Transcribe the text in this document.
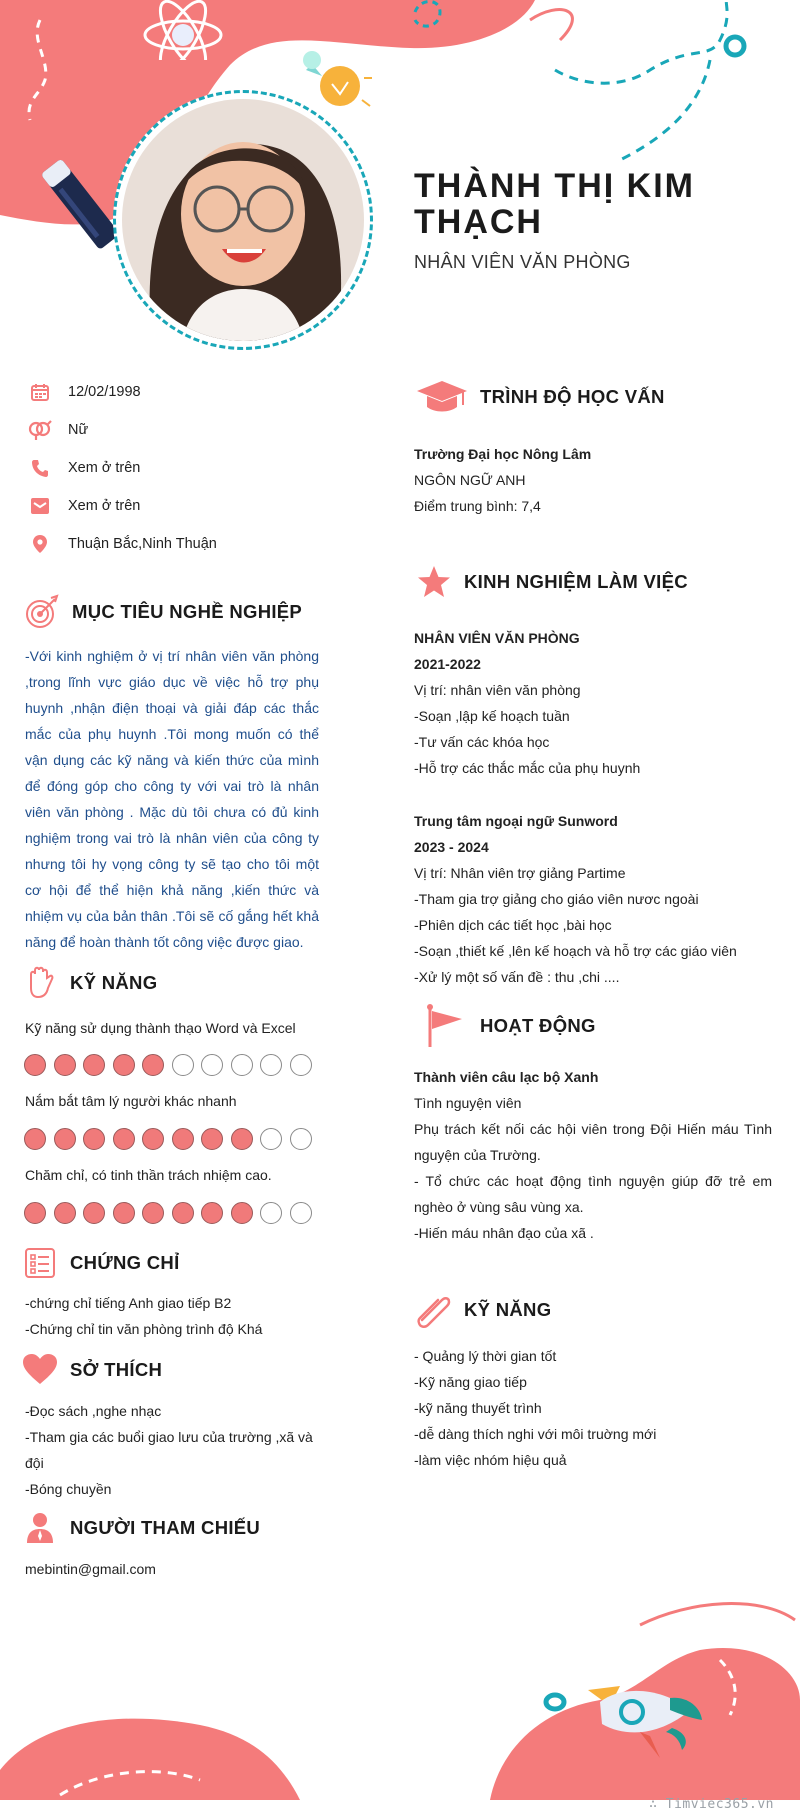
THÀNH THỊ KIM THẠCH
NHÂN VIÊN VĂN PHÒNG
12/02/1998
Nữ
Xem ở trên
Xem ở trên
Thuận Bắc,Ninh Thuận
MỤC TIÊU NGHỀ NGHIỆP
-Với kinh nghiệm ở vị trí nhân viên văn phòng ,trong lĩnh vực giáo dục về việc hỗ trợ phụ huynh ,nhận điện thoại và giải đáp các thắc mắc của phụ huynh .Tôi mong muốn có thể vận dụng các kỹ năng và kiến thức của mình để đóng góp cho công ty với vai trò là nhân viên văn phòng . Mặc dù tôi chưa có đủ kinh nghiệm trong vai trò là nhân viên của công ty nhưng tôi hy vọng công ty sẽ tạo cho tôi một cơ hội để thể hiện khả năng ,kiến thức và nhiệm vụ của bản thân .Tôi sẽ cố gắng hết khả năng để hoàn thành tốt công việc được giao.
KỸ NĂNG
Kỹ năng sử dụng thành thạo Word và Excel
Nắm bắt tâm lý người khác nhanh
Chăm chỉ, có tinh thần trách nhiệm cao.
CHỨNG CHỈ
-chứng chỉ tiếng Anh giao tiếp B2
-Chứng chỉ tin văn phòng trình độ Khá
SỞ THÍCH
-Đọc sách ,nghe nhạc
-Tham gia các buổi giao lưu của trường ,xã và đội
-Bóng chuyền
NGƯỜI THAM CHIẾU
mebintin@gmail.com
TRÌNH ĐỘ HỌC VẤN
Trường Đại học Nông Lâm
NGÔN NGỮ ANH
Điểm trung bình: 7,4
KINH NGHIỆM LÀM VIỆC
NHÂN VIÊN VĂN PHÒNG
2021-2022
Vị trí: nhân viên văn phòng
-Soạn ,lập kế hoạch tuần
-Tư vấn các khóa học
-Hỗ trợ các thắc mắc của phụ huynh
Trung tâm ngoại ngữ Sunword
2023 - 2024
Vị trí: Nhân viên trợ giảng Partime
-Tham gia trợ giảng cho giáo viên nươc ngoài
-Phiên dịch các tiết học ,bài học
-Soạn ,thiết kế ,lên kế hoạch và hỗ trợ các giáo viên
-Xử lý một số vấn đề : thu ,chi ....
HOẠT ĐỘNG
Thành viên câu lạc bộ Xanh
Tình nguyện viên
Phụ trách kết nối các hội viên trong Đội Hiến máu Tình nguyện của Trường.
- Tổ chức các hoạt động tình nguyện giúp đỡ trẻ em nghèo ở vùng sâu vùng xa.
-Hiến máu nhân đạo của xã .
KỸ NĂNG
- Quảng lý thời gian tốt
-Kỹ năng giao tiếp
-kỹ năng thuyết trình
-dễ dàng thích nghi với môi truờng mới
-làm việc nhóm hiệu quả
∴ Timviec365.vn
